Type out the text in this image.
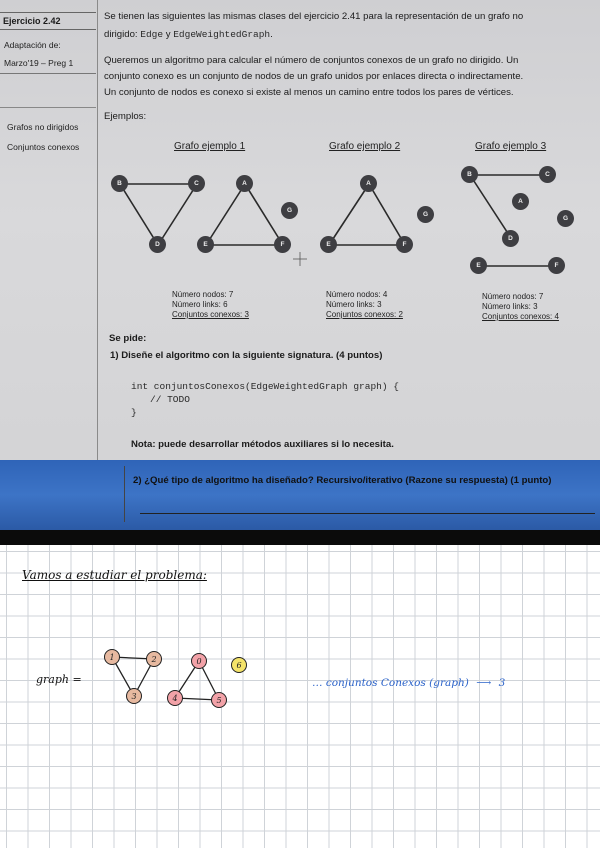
Ejercicio 2.42
Adaptación de:
Marzo'19 – Preg 1
Grafos no dirigidos
Conjuntos conexos
Se tienen las siguientes las mismas clases del ejercicio 2.41 para la representación de un grafo no
dirigido: Edge y EdgeWeightedGraph.
Queremos un algoritmo para calcular el número de conjuntos conexos de un grafo no dirigido. Un
conjunto conexo es un conjunto de nodos de un grafo unidos por enlaces directa o indirectamente.
Un conjunto de nodos es conexo si existe al menos un camino entre todos los pares de vértices.
Ejemplos:
Grafo ejemplo 1	Grafo ejemplo 2	Grafo ejemplo 3
B	C	A
G
D	E	F
A
G
E	F
B	C
A
G
D
E	F
Número nodos: 7
Número links: 6
Conjuntos conexos: 3
Número nodos: 4
Número links: 3
Conjuntos conexos: 2
Número nodos: 7
Número links: 3
Conjuntos conexos: 4
Se pide:
1) Diseñe el algoritmo con la siguiente signatura. (4 puntos)
int conjuntosConexos(EdgeWeightedGraph graph) {
// TODO
}
Nota: puede desarrollar métodos auxiliares si lo necesita.
2) ¿Qué tipo de algoritmo ha diseñado? Recursivo/iterativo (Razone su respuesta) (1 punto)
Vamos a estudiar el problema:
graph =
1	2
3
0
4	5
6
… conjuntos Conexos (graph) ⟶ 3
